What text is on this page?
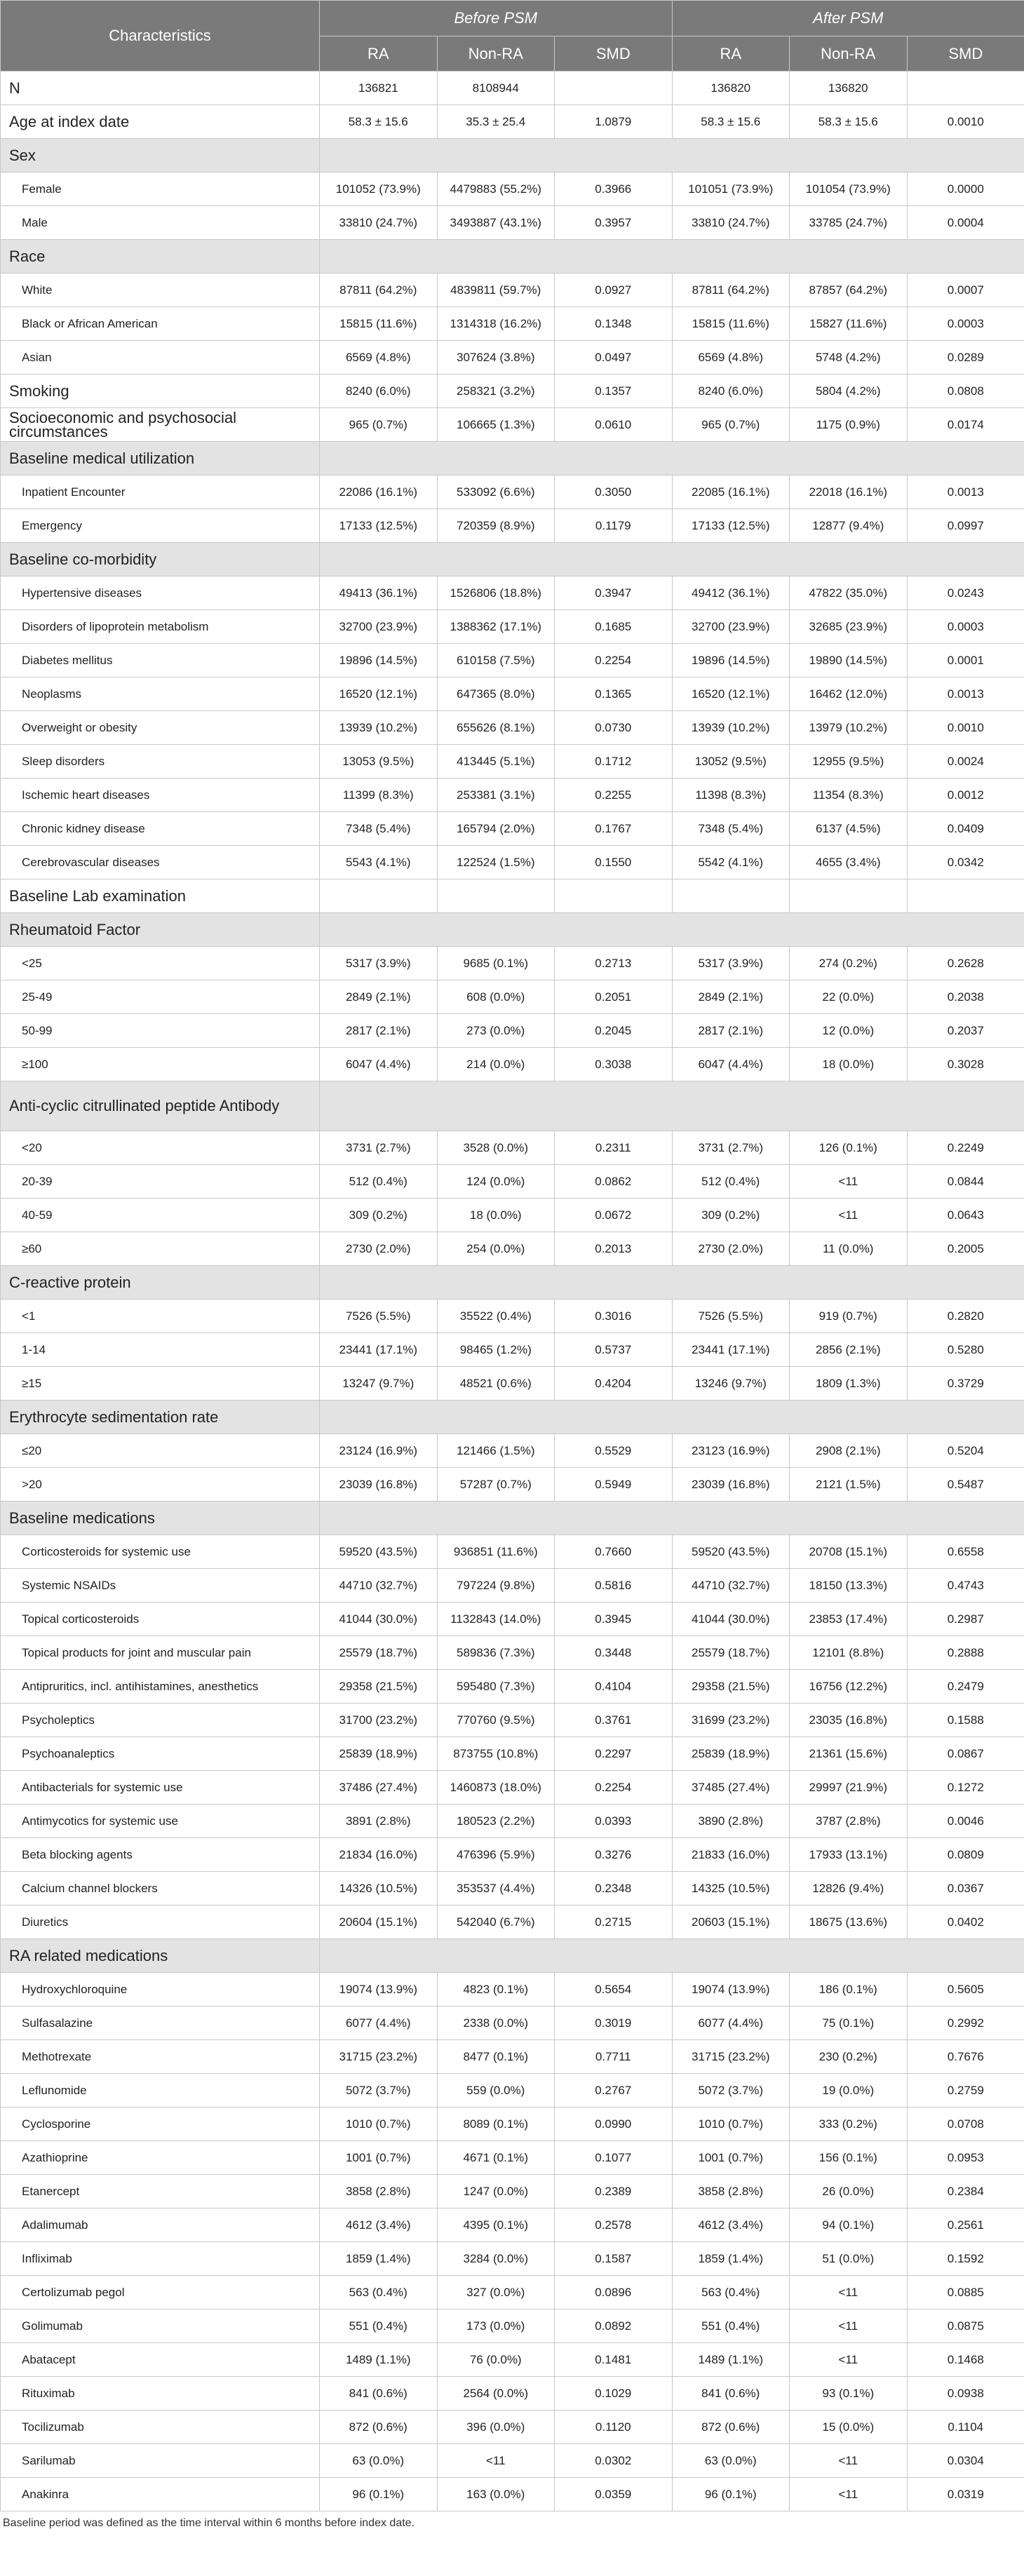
Characteristics	Before PSM			After PSM		
	RA	Non-RA	SMD	RA	Non-RA	SMD
N	136821	8108944		136820	136820	
Age at index date	58.3 ± 15.6	35.3 ± 25.4	1.0879	58.3 ± 15.6	58.3 ± 15.6	0.0010
Sex						
Female	101052 (73.9%)	4479883 (55.2%)	0.3966	101051 (73.9%)	101054 (73.9%)	0.0000
Male	33810 (24.7%)	3493887 (43.1%)	0.3957	33810 (24.7%)	33785 (24.7%)	0.0004
Race						
White	87811 (64.2%)	4839811 (59.7%)	0.0927	87811 (64.2%)	87857 (64.2%)	0.0007
Black or African American	15815 (11.6%)	1314318 (16.2%)	0.1348	15815 (11.6%)	15827 (11.6%)	0.0003
Asian	6569 (4.8%)	307624 (3.8%)	0.0497	6569 (4.8%)	5748 (4.2%)	0.0289
Smoking	8240 (6.0%)	258321 (3.2%)	0.1357	8240 (6.0%)	5804 (4.2%)	0.0808
Socioeconomic and psychosocial circumstances	965 (0.7%)	106665 (1.3%)	0.0610	965 (0.7%)	1175 (0.9%)	0.0174
Baseline medical utilization						
Inpatient Encounter	22086 (16.1%)	533092 (6.6%)	0.3050	22085 (16.1%)	22018 (16.1%)	0.0013
Emergency	17133 (12.5%)	720359 (8.9%)	0.1179	17133 (12.5%)	12877 (9.4%)	0.0997
Baseline co-morbidity						
Hypertensive diseases	49413 (36.1%)	1526806 (18.8%)	0.3947	49412 (36.1%)	47822 (35.0%)	0.0243
Disorders of lipoprotein metabolism	32700 (23.9%)	1388362 (17.1%)	0.1685	32700 (23.9%)	32685 (23.9%)	0.0003
Diabetes mellitus	19896 (14.5%)	610158 (7.5%)	0.2254	19896 (14.5%)	19890 (14.5%)	0.0001
Neoplasms	16520 (12.1%)	647365 (8.0%)	0.1365	16520 (12.1%)	16462 (12.0%)	0.0013
Overweight or obesity	13939 (10.2%)	655626 (8.1%)	0.0730	13939 (10.2%)	13979 (10.2%)	0.0010
Sleep disorders	13053 (9.5%)	413445 (5.1%)	0.1712	13052 (9.5%)	12955 (9.5%)	0.0024
Ischemic heart diseases	11399 (8.3%)	253381 (3.1%)	0.2255	11398 (8.3%)	11354 (8.3%)	0.0012
Chronic kidney disease	7348 (5.4%)	165794 (2.0%)	0.1767	7348 (5.4%)	6137 (4.5%)	0.0409
Cerebrovascular diseases	5543 (4.1%)	122524 (1.5%)	0.1550	5542 (4.1%)	4655 (3.4%)	0.0342
Baseline Lab examination						
Rheumatoid Factor						
<25	5317 (3.9%)	9685 (0.1%)	0.2713	5317 (3.9%)	274 (0.2%)	0.2628
25-49	2849 (2.1%)	608 (0.0%)	0.2051	2849 (2.1%)	22 (0.0%)	0.2038
50-99	2817 (2.1%)	273 (0.0%)	0.2045	2817 (2.1%)	12 (0.0%)	0.2037
≥100	6047 (4.4%)	214 (0.0%)	0.3038	6047 (4.4%)	18 (0.0%)	0.3028
Anti-cyclic citrullinated peptide Antibody						
<20	3731 (2.7%)	3528 (0.0%)	0.2311	3731 (2.7%)	126 (0.1%)	0.2249
20-39	512 (0.4%)	124 (0.0%)	0.0862	512 (0.4%)	<11	0.0844
40-59	309 (0.2%)	18 (0.0%)	0.0672	309 (0.2%)	<11	0.0643
≥60	2730 (2.0%)	254 (0.0%)	0.2013	2730 (2.0%)	11 (0.0%)	0.2005
C-reactive protein						
<1	7526 (5.5%)	35522 (0.4%)	0.3016	7526 (5.5%)	919 (0.7%)	0.2820
1-14	23441 (17.1%)	98465 (1.2%)	0.5737	23441 (17.1%)	2856 (2.1%)	0.5280
≥15	13247 (9.7%)	48521 (0.6%)	0.4204	13246 (9.7%)	1809 (1.3%)	0.3729
Erythrocyte sedimentation rate						
≤20	23124 (16.9%)	121466 (1.5%)	0.5529	23123 (16.9%)	2908 (2.1%)	0.5204
>20	23039 (16.8%)	57287 (0.7%)	0.5949	23039 (16.8%)	2121 (1.5%)	0.5487
Baseline medications						
Corticosteroids for systemic use	59520 (43.5%)	936851 (11.6%)	0.7660	59520 (43.5%)	20708 (15.1%)	0.6558
Systemic NSAIDs	44710 (32.7%)	797224 (9.8%)	0.5816	44710 (32.7%)	18150 (13.3%)	0.4743
Topical corticosteroids	41044 (30.0%)	1132843 (14.0%)	0.3945	41044 (30.0%)	23853 (17.4%)	0.2987
Topical products for joint and muscular pain	25579 (18.7%)	589836 (7.3%)	0.3448	25579 (18.7%)	12101 (8.8%)	0.2888
Antipruritics, incl. antihistamines, anesthetics	29358 (21.5%)	595480 (7.3%)	0.4104	29358 (21.5%)	16756 (12.2%)	0.2479
Psycholeptics	31700 (23.2%)	770760 (9.5%)	0.3761	31699 (23.2%)	23035 (16.8%)	0.1588
Psychoanaleptics	25839 (18.9%)	873755 (10.8%)	0.2297	25839 (18.9%)	21361 (15.6%)	0.0867
Antibacterials for systemic use	37486 (27.4%)	1460873 (18.0%)	0.2254	37485 (27.4%)	29997 (21.9%)	0.1272
Antimycotics for systemic use	3891 (2.8%)	180523 (2.2%)	0.0393	3890 (2.8%)	3787 (2.8%)	0.0046
Beta blocking agents	21834 (16.0%)	476396 (5.9%)	0.3276	21833 (16.0%)	17933 (13.1%)	0.0809
Calcium channel blockers	14326 (10.5%)	353537 (4.4%)	0.2348	14325 (10.5%)	12826 (9.4%)	0.0367
Diuretics	20604 (15.1%)	542040 (6.7%)	0.2715	20603 (15.1%)	18675 (13.6%)	0.0402
RA related medications						
Hydroxychloroquine	19074 (13.9%)	4823 (0.1%)	0.5654	19074 (13.9%)	186 (0.1%)	0.5605
Sulfasalazine	6077 (4.4%)	2338 (0.0%)	0.3019	6077 (4.4%)	75 (0.1%)	0.2992
Methotrexate	31715 (23.2%)	8477 (0.1%)	0.7711	31715 (23.2%)	230 (0.2%)	0.7676
Leflunomide	5072 (3.7%)	559 (0.0%)	0.2767	5072 (3.7%)	19 (0.0%)	0.2759
Cyclosporine	1010 (0.7%)	8089 (0.1%)	0.0990	1010 (0.7%)	333 (0.2%)	0.0708
Azathioprine	1001 (0.7%)	4671 (0.1%)	0.1077	1001 (0.7%)	156 (0.1%)	0.0953
Etanercept	3858 (2.8%)	1247 (0.0%)	0.2389	3858 (2.8%)	26 (0.0%)	0.2384
Adalimumab	4612 (3.4%)	4395 (0.1%)	0.2578	4612 (3.4%)	94 (0.1%)	0.2561
Infliximab	1859 (1.4%)	3284 (0.0%)	0.1587	1859 (1.4%)	51 (0.0%)	0.1592
Certolizumab pegol	563 (0.4%)	327 (0.0%)	0.0896	563 (0.4%)	<11	0.0885
Golimumab	551 (0.4%)	173 (0.0%)	0.0892	551 (0.4%)	<11	0.0875
Abatacept	1489 (1.1%)	76 (0.0%)	0.1481	1489 (1.1%)	<11	0.1468
Rituximab	841 (0.6%)	2564 (0.0%)	0.1029	841 (0.6%)	93 (0.1%)	0.0938
Tocilizumab	872 (0.6%)	396 (0.0%)	0.1120	872 (0.6%)	15 (0.0%)	0.1104
Sarilumab	63 (0.0%)	<11	0.0302	63 (0.0%)	<11	0.0304
Anakinra	96 (0.1%)	163 (0.0%)	0.0359	96 (0.1%)	<11	0.0319
Baseline period was defined as the time interval within 6 months before index date.
